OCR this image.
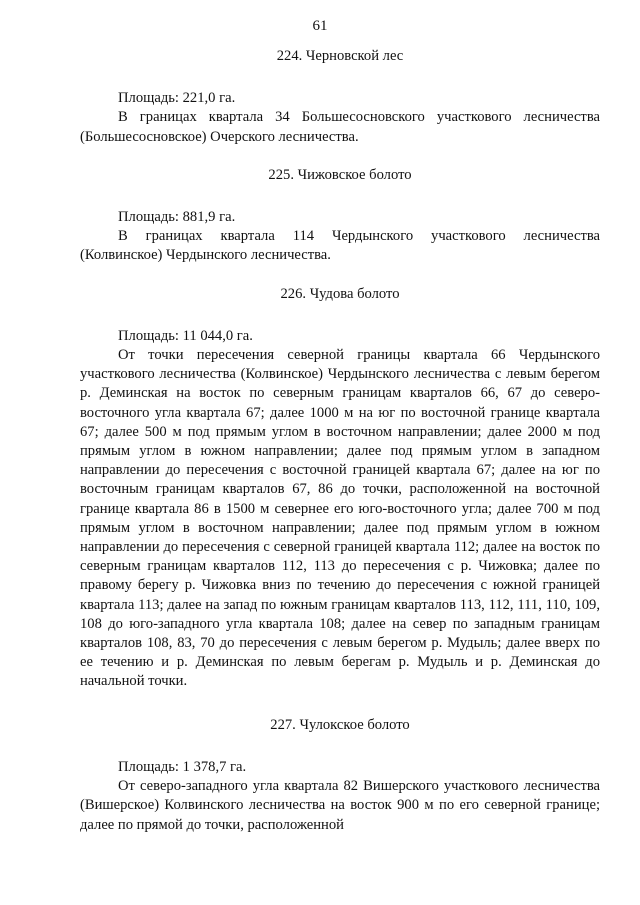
61

224. Черновской лес

Площадь: 221,0 га.

В границах квартала 34 Большесосновского участкового лесничества (Большесосновское) Очерского лесничества.

225. Чижовское болото

Площадь: 881,9 га.

В границах квартала 114 Чердынского участкового лесничества (Колвинское) Чердынского лесничества.

226. Чудова болото

Площадь: 11 044,0 га.

От точки пересечения северной границы квартала 66 Чердынского участкового лесничества (Колвинское) Чердынского лесничества с левым берегом р. Деминская на восток по северным границам кварталов 66, 67 до северо-восточного угла квартала 67; далее 1000 м на юг по восточной границе квартала 67; далее 500 м под прямым углом в восточном направлении; далее 2000 м под прямым углом в южном направлении; далее под прямым углом в западном направлении до пересечения с восточной границей квартала 67; далее на юг по восточным границам кварталов 67, 86 до точки, расположенной на восточной границе квартала 86 в 1500 м севернее его юго-восточного угла; далее 700 м под прямым углом в восточном направлении; далее под прямым углом в южном направлении до пересечения с северной границей квартала 112; далее на восток по северным границам кварталов 112, 113 до пересечения с р. Чижовка; далее по правому берегу р. Чижовка вниз по течению до пересечения с южной границей квартала 113; далее на запад по южным границам кварталов 113, 112, 111, 110, 109, 108 до юго-западного угла квартала 108; далее на север по западным границам кварталов 108, 83, 70 до пересечения с левым берегом р. Мудыль; далее вверх по ее течению и р. Деминская по левым берегам р. Мудыль и р. Деминская до начальной точки.

227. Чулокское болото

Площадь: 1 378,7 га.

От северо-западного угла квартала 82 Вишерского участкового лесничества (Вишерское) Колвинского лесничества на восток 900 м по его северной границе; далее по прямой до точки, расположенной
